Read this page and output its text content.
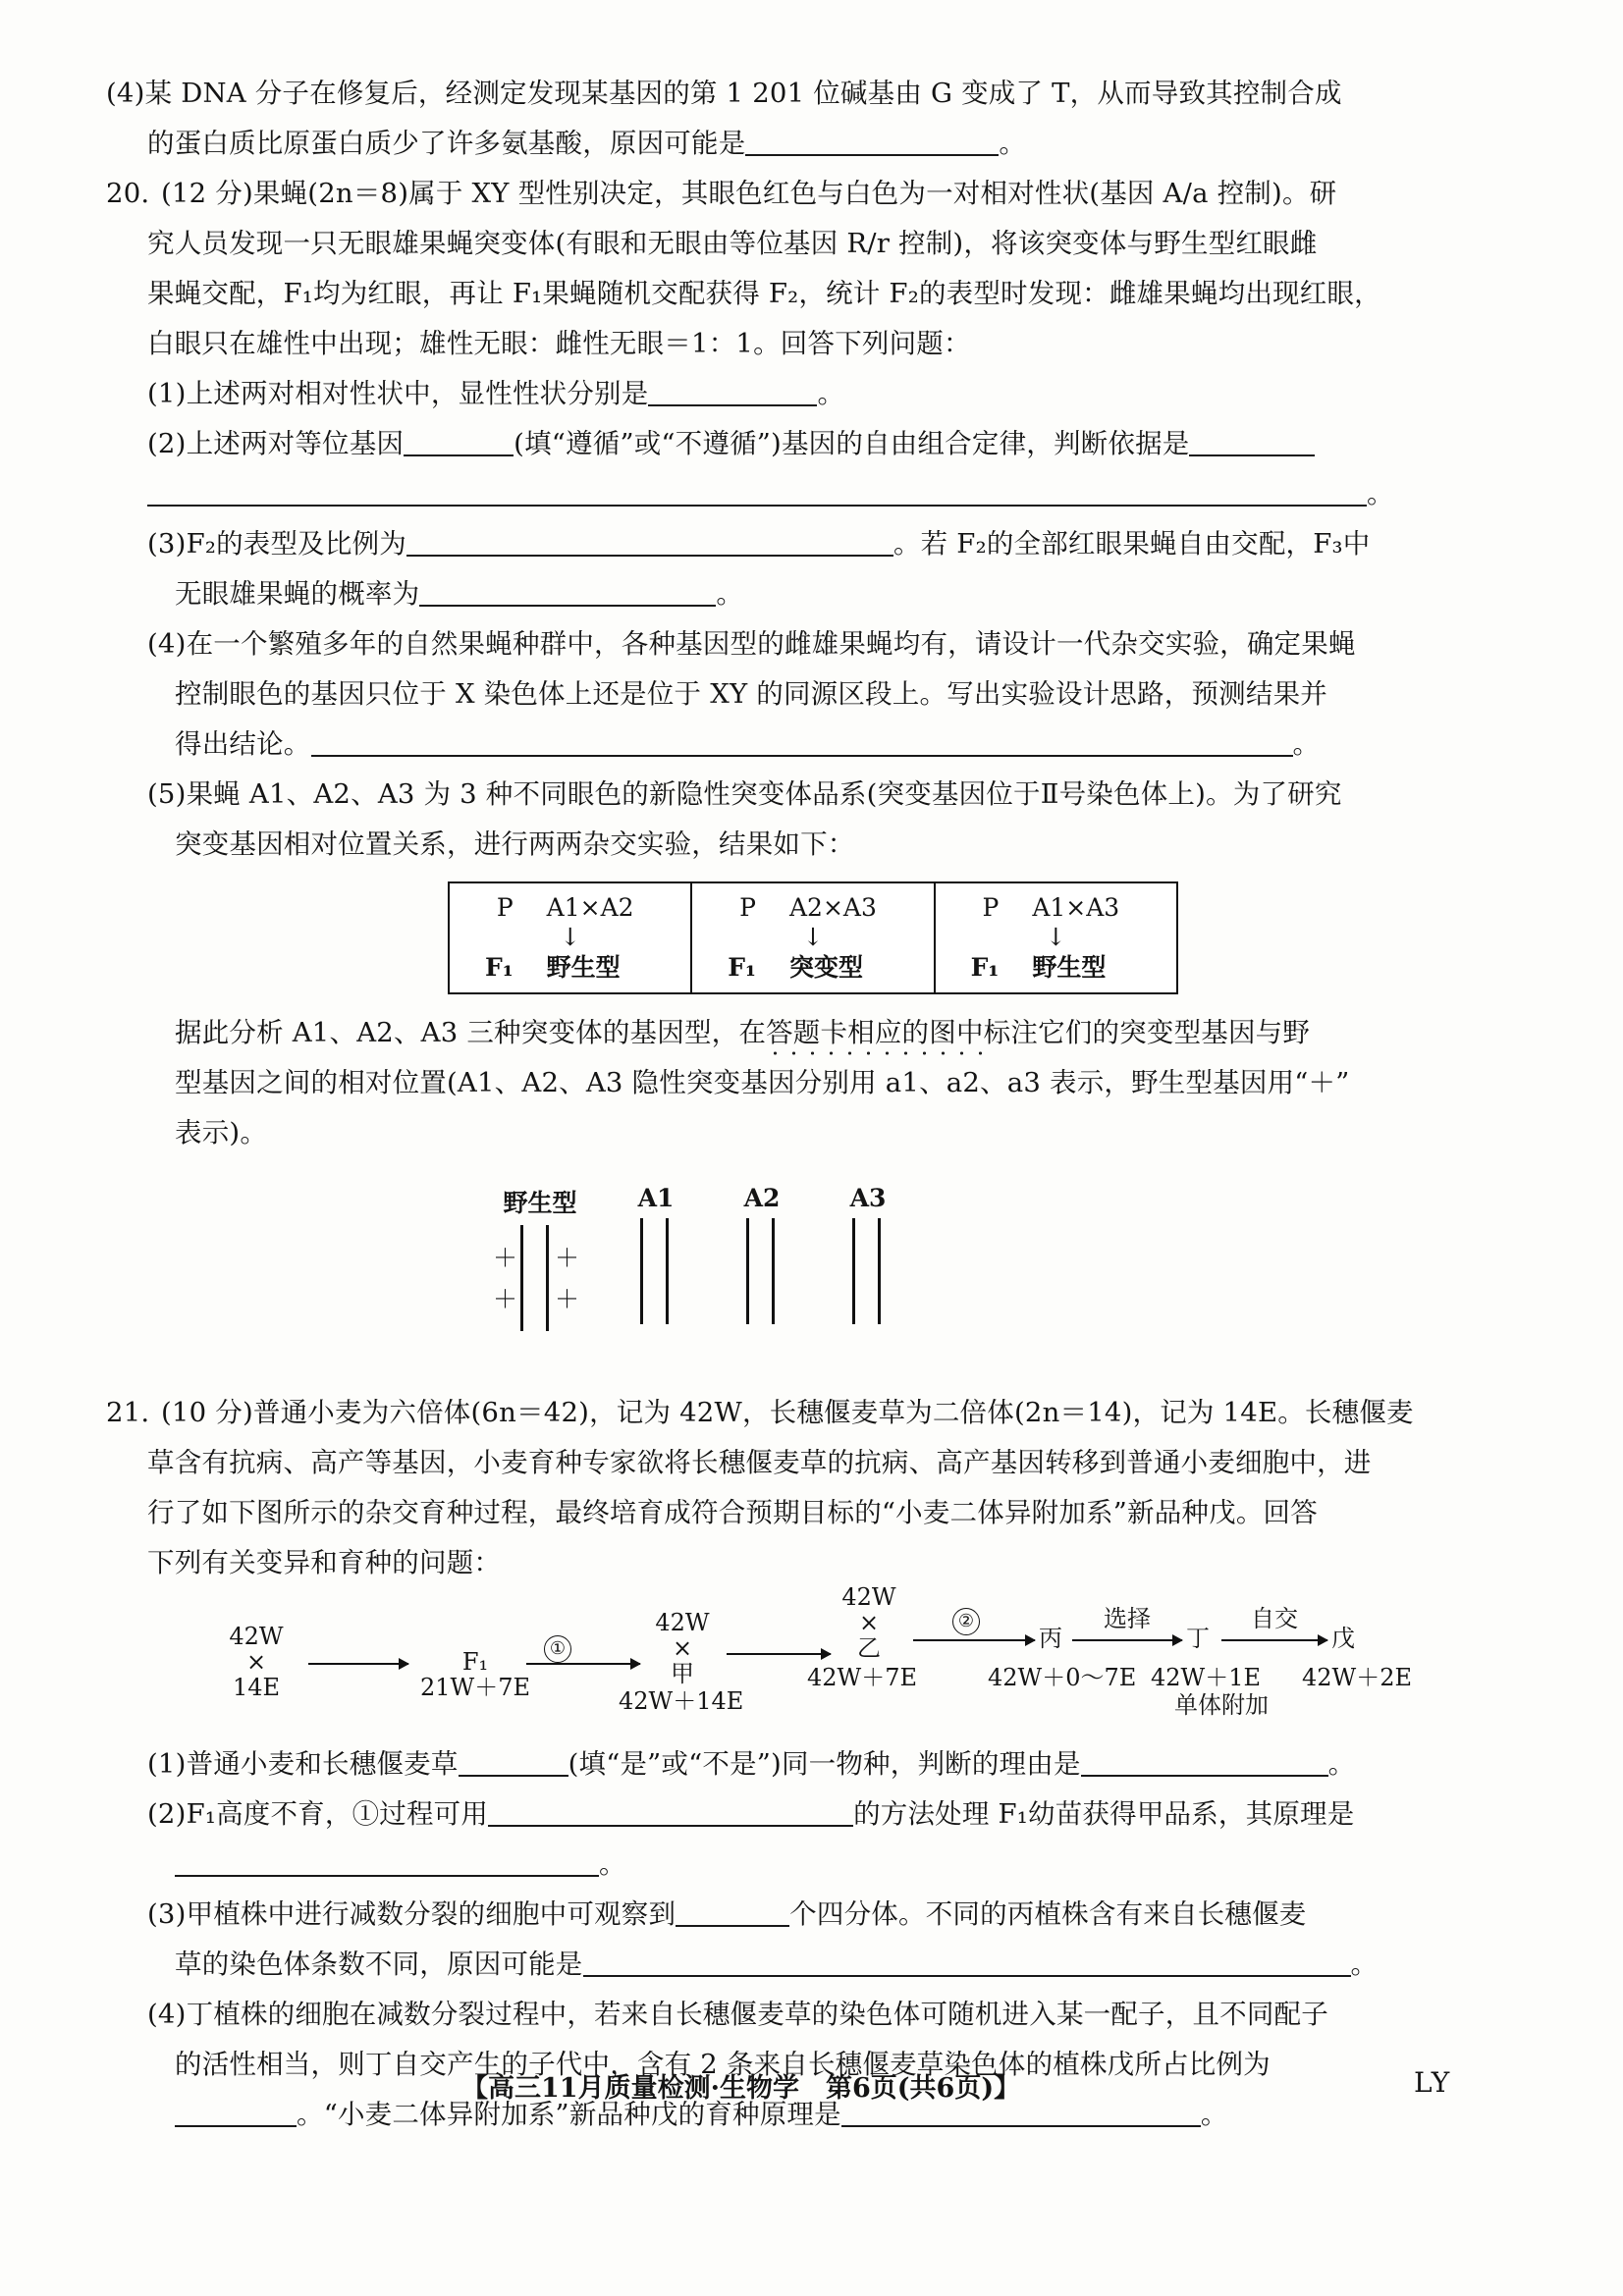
(4)某 DNA 分子在修复后，经测定发现某基因的第 1 201 位碱基由 G 变成了 T，从而导致其控制合成
的蛋白质比原蛋白质少了许多氨基酸，原因可能是	。
20. (12 分)果蝇(2n＝8)属于 XY 型性别决定，其眼色红色与白色为一对相对性状(基因 A/a 控制)。研
究人员发现一只无眼雄果蝇突变体(有眼和无眼由等位基因 R/r 控制)，将该突变体与野生型红眼雌
果蝇交配，F₁均为红眼，再让 F₁果蝇随机交配获得 F₂，统计 F₂的表型时发现：雌雄果蝇均出现红眼，
白眼只在雄性中出现；雄性无眼：雌性无眼＝1：1。回答下列问题：
(1)上述两对相对性状中，显性性状分别是	。
(2)上述两对等位基因	(填“遵循”或“不遵循”)基因的自由组合定律，判断依据是
。
(3)F₂的表型及比例为	。若 F₂的全部红眼果蝇自由交配，F₃中
无眼雄果蝇的概率为	。
(4)在一个繁殖多年的自然果蝇种群中，各种基因型的雌雄果蝇均有，请设计一代杂交实验，确定果蝇
控制眼色的基因只位于 X 染色体上还是位于 XY 的同源区段上。写出实验设计思路，预测结果并
得出结论。	。
(5)果蝇 A1、A2、A3 为 3 种不同眼色的新隐性突变体品系(突变基因位于Ⅱ号染色体上)。为了研究
突变基因相对位置关系，进行两两杂交实验，结果如下：
P A1×A2
↓
F₁ 野生型
P A2×A3
↓
F₁ 突变型
P A1×A3
↓
F₁ 野生型
据此分析 A1、A2、A3 三种突变体的基因型，在答题卡相应的图中标注它们的突变型基因与野
型基因之间的相对位置(A1、A2、A3 隐性突变基因分别用 a1、a2、a3 表示，野生型基因用“＋”
表示)。
野生型
＋ ＋
＋ ＋
A1	A2	A3
21. (10 分)普通小麦为六倍体(6n＝42)，记为 42W，长穗偃麦草为二倍体(2n＝14)，记为 14E。长穗偃麦
草含有抗病、高产等基因，小麦育种专家欲将长穗偃麦草的抗病、高产基因转移到普通小麦细胞中，进
行了如下图所示的杂交育种过程，最终培育成符合预期目标的“小麦二体异附加系”新品种戊。回答
下列有关变异和育种的问题：
42W
×
14E
F₁
21W＋7E
①
42W
×
甲
42W＋14E
42W
×
乙
42W＋7E
②
丙
42W＋0～7E
选择
丁
42W＋1E
单体附加
自交
戊
42W＋2E
(1)普通小麦和长穗偃麦草	(填“是”或“不是”)同一物种，判断的理由是	。
(2)F₁高度不育，①过程可用	的方法处理 F₁幼苗获得甲品系，其原理是
。
(3)甲植株中进行减数分裂的细胞中可观察到	个四分体。不同的丙植株含有来自长穗偃麦
草的染色体条数不同，原因可能是	。
(4)丁植株的细胞在减数分裂过程中，若来自长穗偃麦草的染色体可随机进入某一配子，且不同配子
的活性相当，则丁自交产生的子代中，含有 2 条来自长穗偃麦草染色体的植株戊所占比例为
。“小麦二体异附加系”新品种戊的育种原理是	。
【高三11月质量检测·生物学　第6页(共6页)】	LY
